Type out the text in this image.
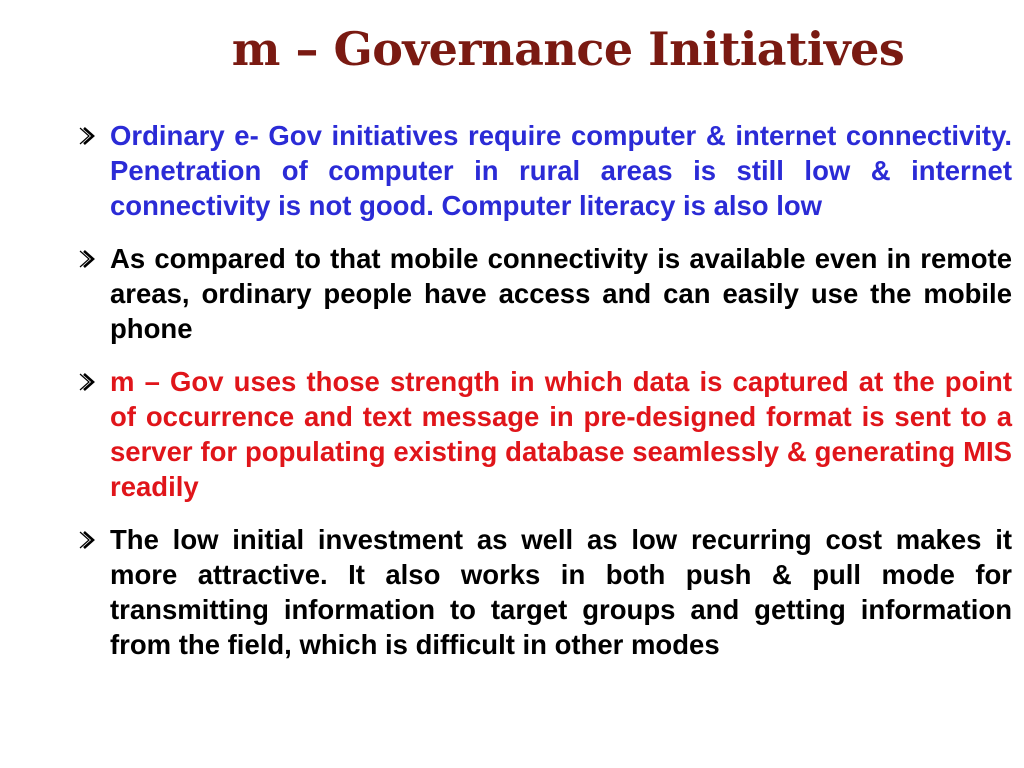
m – Governance Initiatives
Ordinary e- Gov initiatives require computer & internet connectivity. Penetration of computer in rural areas is still low & internet connectivity is not good. Computer literacy is also low
As compared to that mobile connectivity is available even in remote areas, ordinary people have access and can easily use the mobile phone
m – Gov uses those strength in which data is captured at the point of occurrence and text message in pre-designed format is sent to a server for populating existing database seamlessly & generating MIS readily
The low initial investment as well as low recurring cost makes it more attractive. It also works in both push & pull mode for transmitting information to target groups and getting information from the field, which is difficult in other modes
